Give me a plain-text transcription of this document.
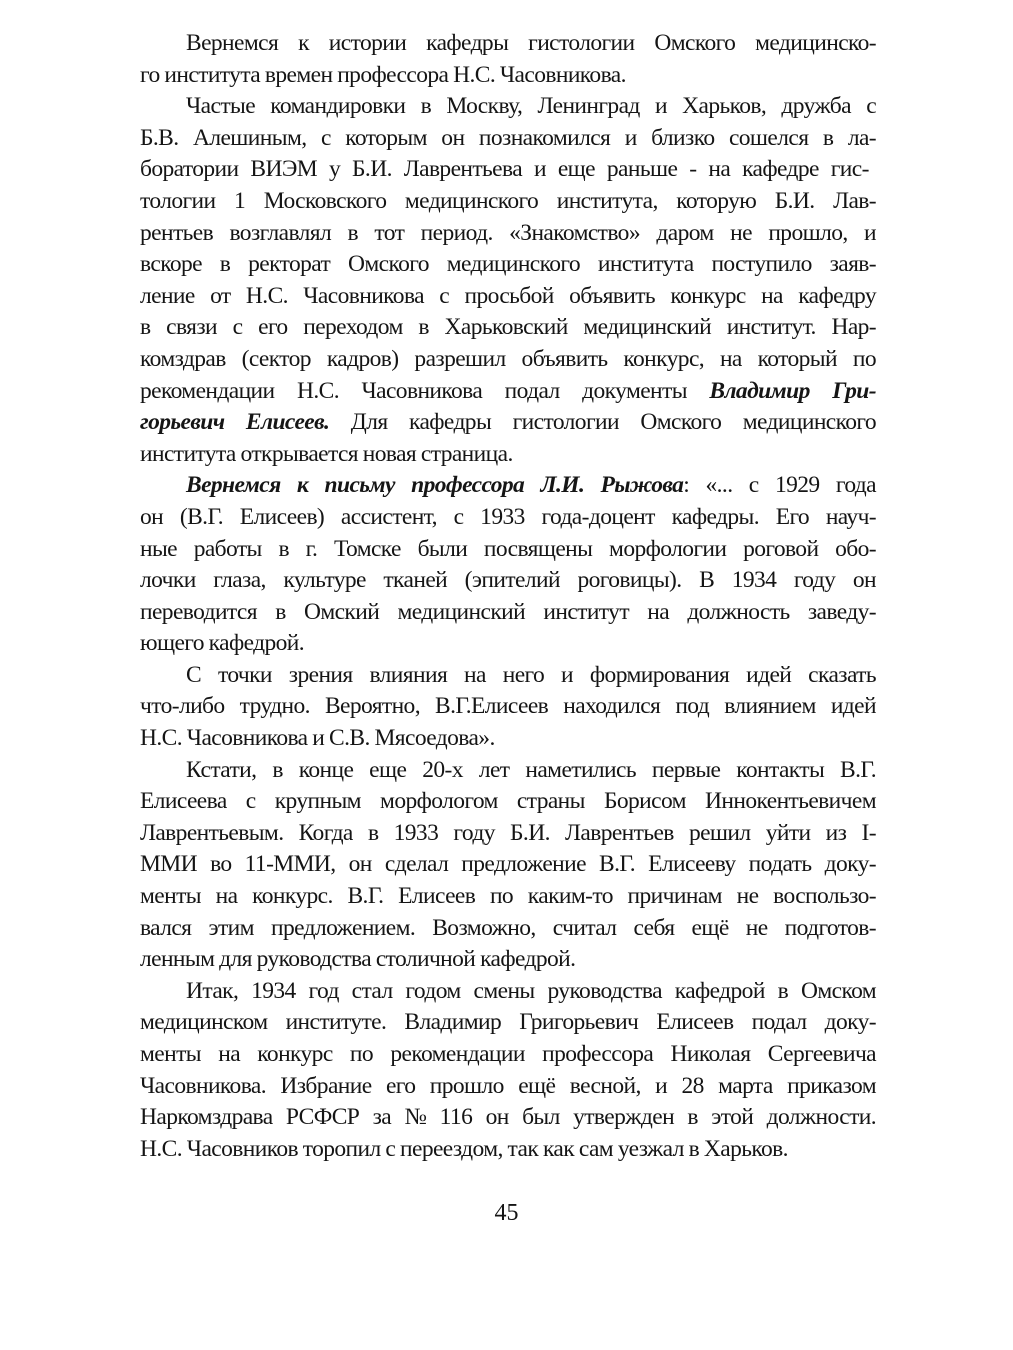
Вернемся к истории кафедры гистологии Омского медицинско-
го института времен профессора Н.С. Часовникова.
Частые командировки в Москву, Ленинград и Харьков, дружба с
Б.В. Алешиным, с которым он познакомился и близко сошелся в ла-
боратории ВИЭМ у Б.И. Лаврентьева и еще раньше - на кафедре гис-
тологии 1 Московского медицинского института, которую Б.И. Лав-
рентьев возглавлял в тот период. «Знакомство» даром не прошло, и
вскоре в ректорат Омского медицинского института поступило заяв-
ление от Н.С. Часовникова с просьбой объявить конкурс на кафедру
в связи с его переходом в Харьковский медицинский институт. Нар-
комздрав (сектор кадров) разрешил объявить конкурс, на который по
рекомендации Н.С. Часовникова подал документы Владимир Гри-
горьевич Елисеев. Для кафедры гистологии Омского медицинского
института открывается новая страница.
Вернемся к письму профессора Л.И. Рыжова: «... с 1929 года
он (В.Г. Елисеев) ассистент, с 1933 года-доцент кафедры. Его науч-
ные работы в г. Томске были посвящены морфологии роговой обо-
лочки глаза, культуре тканей (эпителий роговицы). В 1934 году он
переводится в Омский медицинский институт на должность заведу-
ющего кафедрой.
С точки зрения влияния на него и формирования идей сказать
что-либо трудно. Вероятно, В.Г.Елисеев находился под влиянием идей
Н.С. Часовникова и С.В. Мясоедова».
Кстати, в конце еще 20-х лет наметились первые контакты В.Г.
Елисеева с крупным морфологом страны Борисом Иннокентьевичем
Лаврентьевым. Когда в 1933 году Б.И. Лаврентьев решил уйти из I-
ММИ во 11-ММИ, он сделал предложение В.Г. Елисееву подать доку-
менты на конкурс. В.Г. Елисеев по каким-то причинам не воспользо-
вался этим предложением. Возможно, считал себя ещё не подготов-
ленным для руководства столичной кафедрой.
Итак, 1934 год стал годом смены руководства кафедрой в Омском
медицинском институте. Владимир Григорьевич Елисеев подал доку-
менты на конкурс по рекомендации профессора Николая Сергеевича
Часовникова. Избрание его прошло ещё весной, и 28 марта приказом
Наркомздрава РСФСР за № 116 он был утвержден в этой должности.
Н.С. Часовников торопил с переездом, так как сам уезжал в Харьков.
45
